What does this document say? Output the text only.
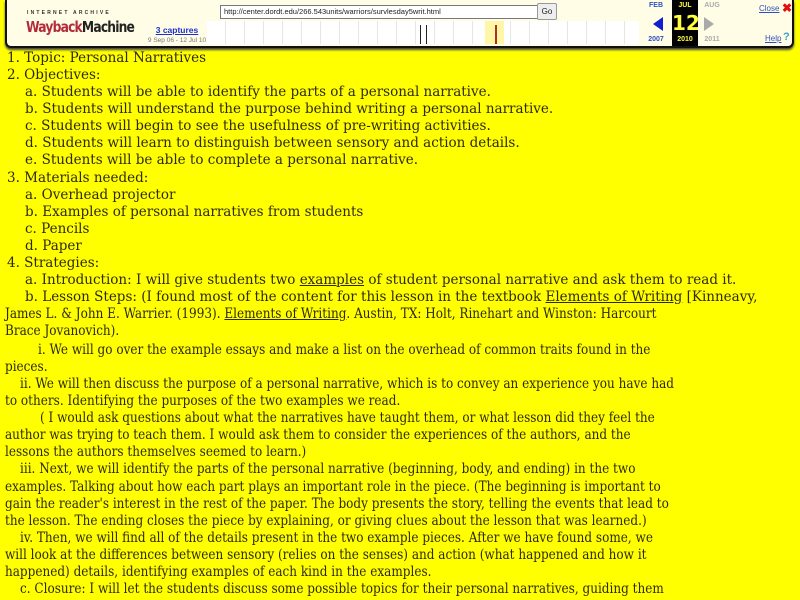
INTERNET ARCHIVE
WaybackMachine	3 captures
9 Sep 06 - 12 Jul 10
http://center.dordt.edu/266.543units/warriors/survlesday5writ.html	Go
FEB
2007
JUL
12
2010
AUG
2011
Close ✖
Help ?
1. Topic: Personal Narratives
2. Objectives:
a. Students will be able to identify the parts of a personal narrative.
b. Students will understand the purpose behind writing a personal narrative.
c. Students will begin to see the usefulness of pre-writing activities.
d. Students will learn to distinguish between sensory and action details.
e. Students will be able to complete a personal narrative.
3. Materials needed:
a. Overhead projector
b. Examples of personal narratives from students
c. Pencils
d. Paper
4. Strategies:
a. Introduction: I will give students two examples of student personal narrative and ask them to read it.
b. Lesson Steps: (I found most of the content for this lesson in the textbook Elements of Writing [Kinneavy,
James L. & John E. Warrier. (1993). Elements of Writing. Austin, TX: Holt, Rinehart and Winston: Harcourt
Brace Jovanovich).
i. We will go over the example essays and make a list on the overhead of common traits found in the
pieces.
ii. We will then discuss the purpose of a personal narrative, which is to convey an experience you have had
to others. Identifying the purposes of the two examples we read.
( I would ask questions about what the narratives have taught them, or what lesson did they feel the
author was trying to teach them. I would ask them to consider the experiences of the authors, and the
lessons the authors themselves seemed to learn.)
iii. Next, we will identify the parts of the personal narrative (beginning, body, and ending) in the two
examples. Talking about how each part plays an important role in the piece. (The beginning is important to
gain the reader's interest in the rest of the paper. The body presents the story, telling the events that lead to
the lesson. The ending closes the piece by explaining, or giving clues about the lesson that was learned.)
iv. Then, we will find all of the details present in the two example pieces. After we have found some, we
will look at the differences between sensory (relies on the senses) and action (what happened and how it
happened) details, identifying examples of each kind in the examples.
c. Closure: I will let the students discuss some possible topics for their personal narratives, guiding them
